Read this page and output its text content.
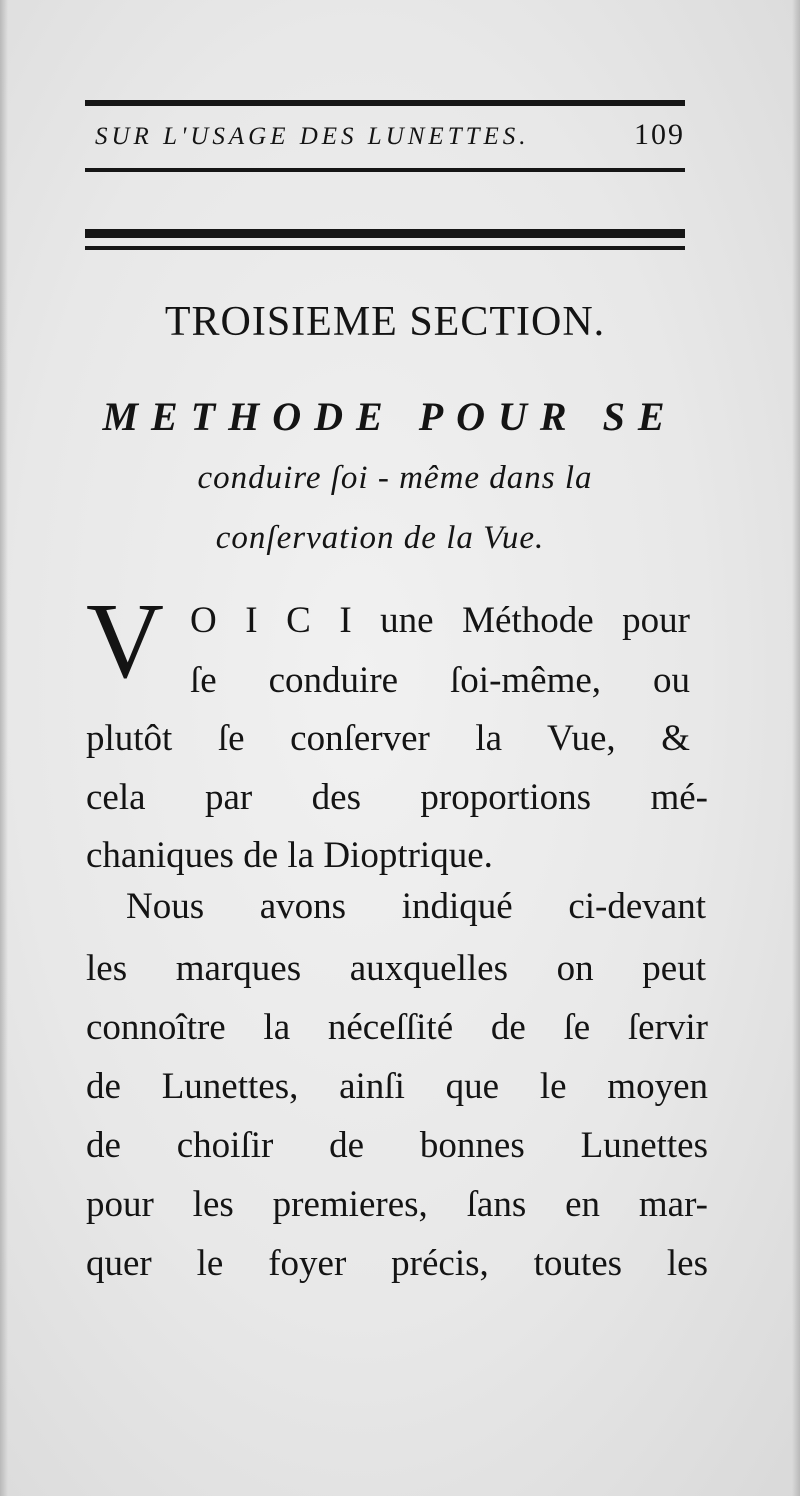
SUR L'USAGE DES LUNETTES.	109
TROISIEME SECTION.
METHODE POUR SE
conduire ſoi - même dans la
conſervation de la Vue.
V O I C I une Méthode pour
ſe conduire ſoi-même, ou
plutôt ſe conſerver la Vue, &
cela par des proportions mé-
chaniques de la Dioptrique.
Nous avons indiqué ci-devant
les marques auxquelles on peut
connoître la néceſſité de ſe ſervir
de Lunettes, ainſi que le moyen
de choiſir de bonnes Lunettes
pour les premieres, ſans en mar-
quer le foyer précis, toutes les
